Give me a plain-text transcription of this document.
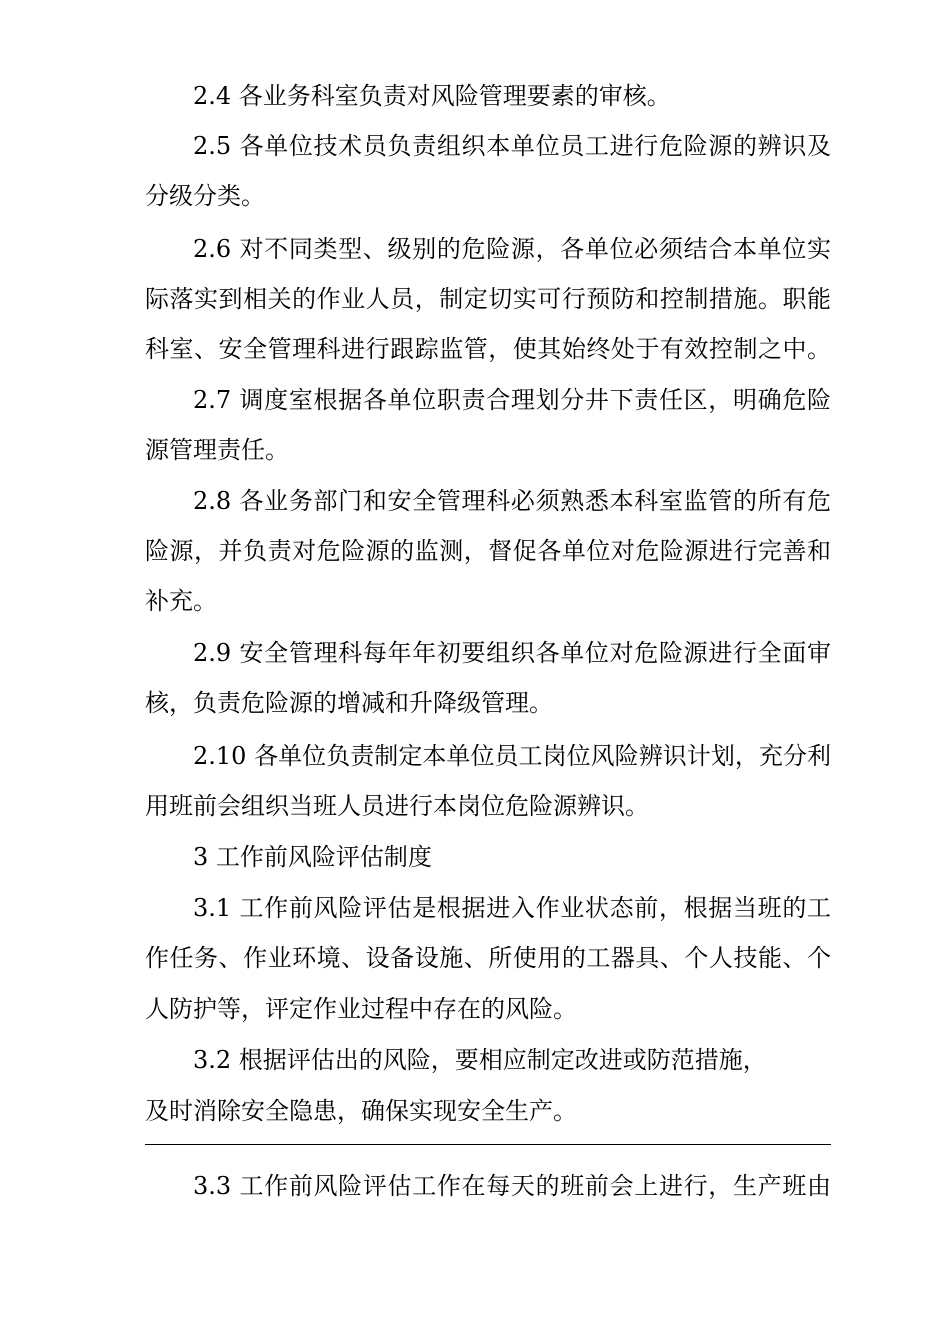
2.4 各业务科室负责对风险管理要素的审核。
2.5 各单位技术员负责组织本单位员工进行危险源的辨识及
分级分类。
2.6 对不同类型、级别的危险源，各单位必须结合本单位实
际落实到相关的作业人员，制定切实可行预防和控制措施。职能
科室、安全管理科进行跟踪监管，使其始终处于有效控制之中。
2.7 调度室根据各单位职责合理划分井下责任区，明确危险
源管理责任。
2.8 各业务部门和安全管理科必须熟悉本科室监管的所有危
险源，并负责对危险源的监测，督促各单位对危险源进行完善和
补充。
2.9 安全管理科每年年初要组织各单位对危险源进行全面审
核，负责危险源的增减和升降级管理。
2.10 各单位负责制定本单位员工岗位风险辨识计划，充分利
用班前会组织当班人员进行本岗位危险源辨识。
3 工作前风险评估制度
3.1 工作前风险评估是根据进入作业状态前，根据当班的工
作任务、作业环境、设备设施、所使用的工器具、个人技能、个
人防护等，评定作业过程中存在的风险。
3.2 根据评估出的风险，要相应制定改进或防范措施，
及时消除安全隐患，确保实现安全生产。
3.3 工作前风险评估工作在每天的班前会上进行，生产班由
